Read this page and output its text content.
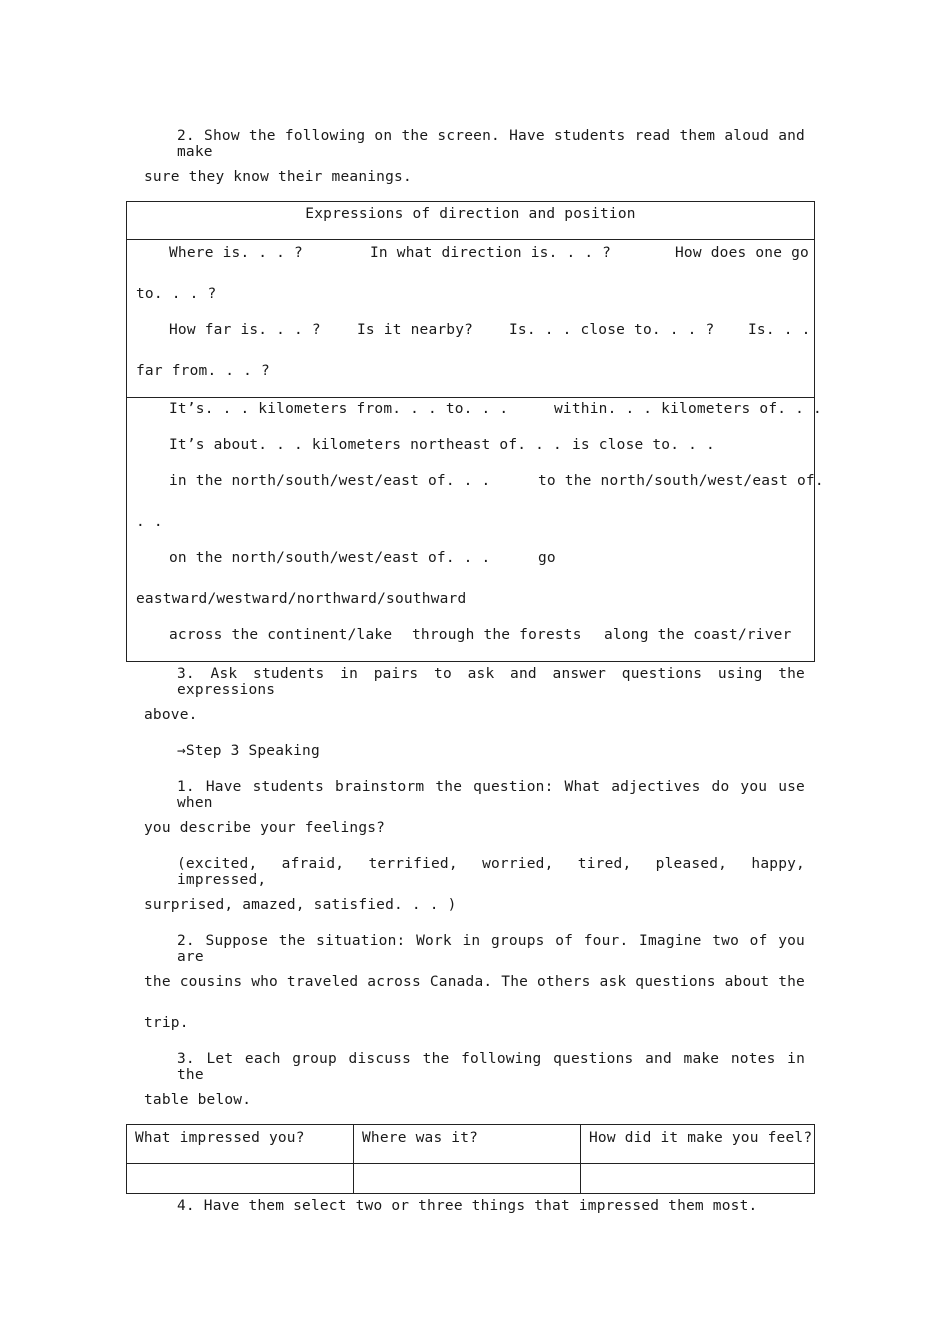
2. Show the following on the screen. Have students read them aloud and make
sure they know their meanings.
Expressions of direction and position
Where is. . . ?	In what direction is. . . ?	How does one go
to. . . ?
How far is. . . ? Is it nearby? Is. . . close to. . . ? Is. . .
far from. . . ?
It’s. . . kilometers from. . . to. . .	within. . . kilometers of. . .
It’s about. . . kilometers northeast of. . . is close to. . .
in the north/south/west/east of. . .	to the north/south/west/east of.
. .
on the north/south/west/east of. . .	go
eastward/westward/northward/southward
across the continent/lake through the forests along the coast/river
3. Ask students in pairs to ask and answer questions using the expressions
above.
→Step 3 Speaking
1. Have students brainstorm the question: What adjectives do you use when
you describe your feelings?
(excited, afraid, terrified, worried, tired, pleased, happy, impressed,
surprised, amazed, satisfied. . . )
2. Suppose the situation: Work in groups of four. Imagine two of you are
the cousins who traveled across Canada. The others ask questions about the
trip.
3. Let each group discuss the following questions and make notes in the
table below.
What impressed you?	Where was it?	How did it make you feel?
4. Have them select two or three things that impressed them most.
